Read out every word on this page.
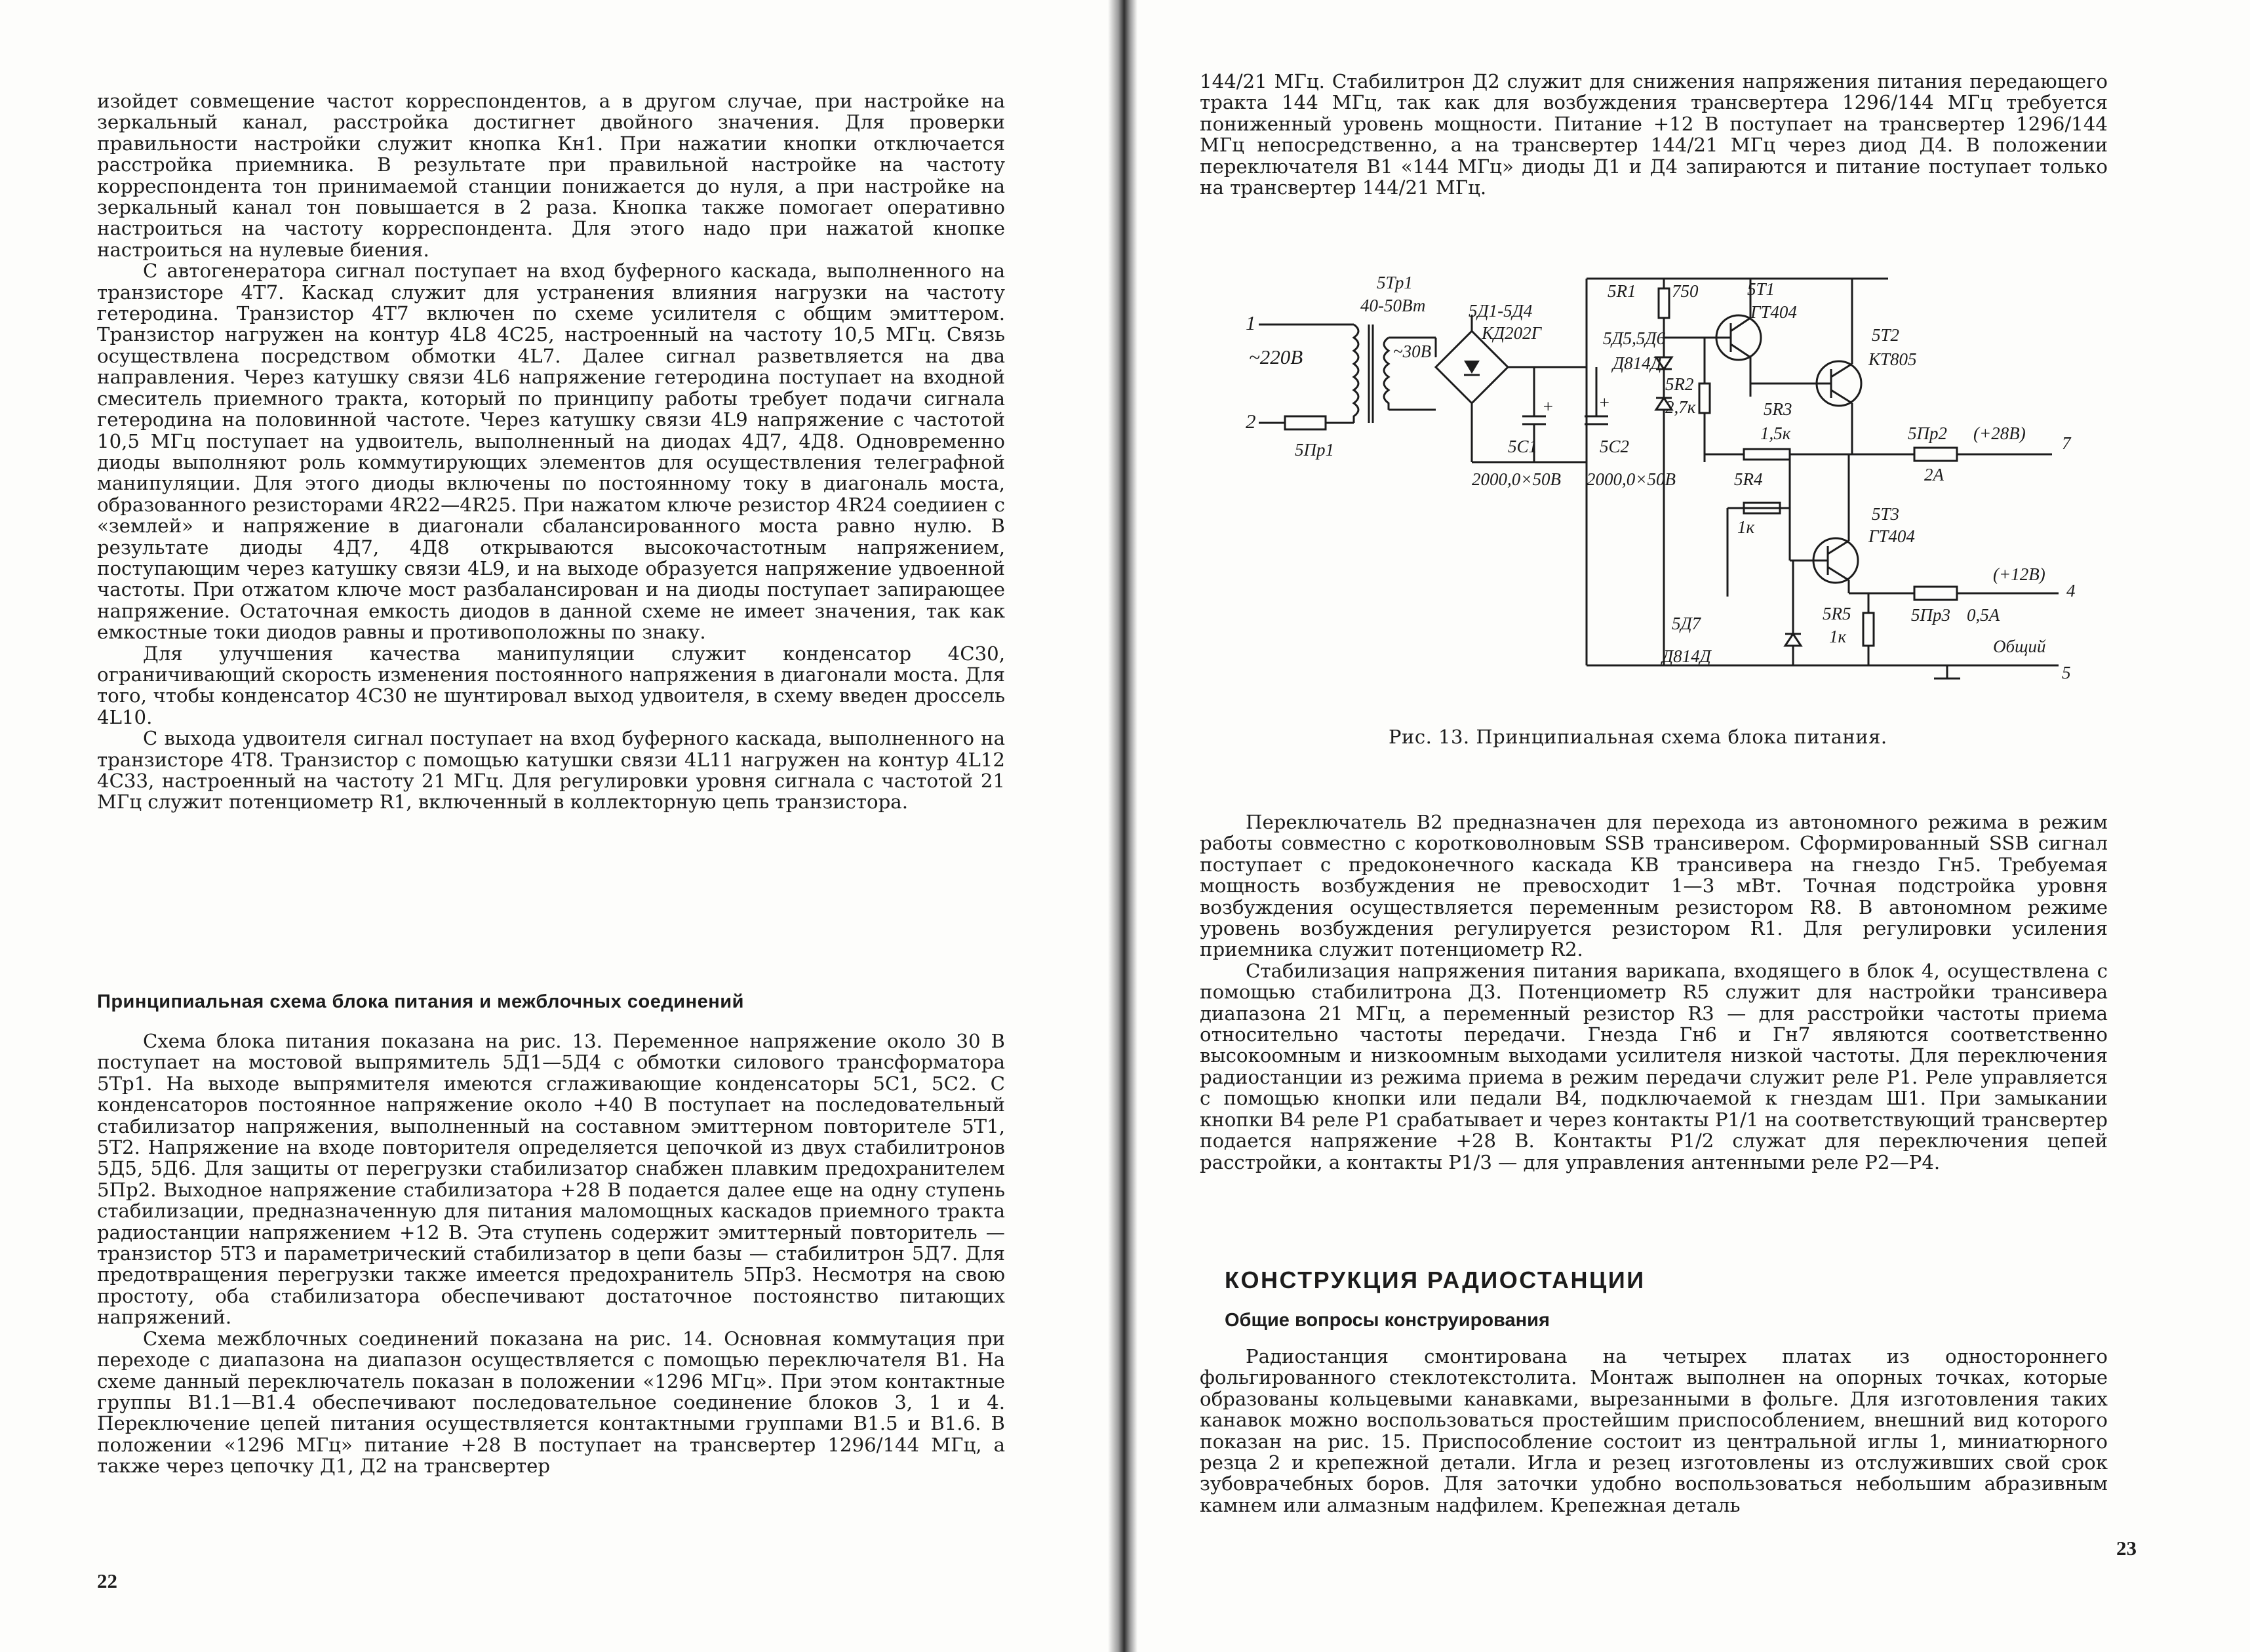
изойдет совмещение частот корреспондентов, а в другом случае, при настройке на зеркальный канал, расстройка достигнет двойного значения. Для проверки правильности настройки служит кнопка Кн1. При нажатии кнопки отключается расстройка приемника. В результате при правильной настройке на частоту корреспондента тон принимаемой станции понижается до нуля, а при настройке на зеркальный канал тон повышается в 2 раза. Кнопка также помогает оперативно настроиться на частоту корреспондента. Для этого надо при нажатой кнопке настроиться на нулевые биения.

С автогенератора сигнал поступает на вход буферного каскада, выполненного на транзисторе 4Т7. Каскад служит для устранения влияния нагрузки на частоту гетеродина. Транзистор 4Т7 включен по схеме усилителя с общим эмиттером. Транзистор нагружен на контур 4L8 4С25, настроенный на частоту 10,5 МГц. Связь осуществлена посредством обмотки 4L7. Далее сигнал разветвляется на два направления. Через катушку связи 4L6 напряжение гетеродина поступает на входной смеситель приемного тракта, который по принципу работы требует подачи сигнала гетеродина на половинной частоте. Через катушку связи 4L9 напряжение с частотой 10,5 МГц поступает на удвоитель, выполненный на диодах 4Д7, 4Д8. Одновременно диоды выполняют роль коммутирующих элементов для осуществления телеграфной манипуляции. Для этого диоды включены по постоянному току в диагональ моста, образованного резисторами 4R22—4R25. При нажатом ключе резистор 4R24 соедииен с «землей» и напряжение в диагонали сбалансированного моста равно нулю. В результате диоды 4Д7, 4Д8 открываются высокочастотным напряжением, поступающим через катушку связи 4L9, и на выходе образуется напряжение удвоенной частоты. При отжатом ключе мост разбалансирован и на диоды поступает запирающее напряжение. Остаточная емкость диодов в данной схеме не имеет значения, так как емкостные токи диодов равны и противоположны по знаку.

Для улучшения качества манипуляции служит конденсатор 4С30, ограничивающий скорость изменения постоянного напряжения в диагонали моста. Для того, чтобы конденсатор 4С30 не шунтировал выход удвоителя, в схему введен дроссель 4L10.

С выхода удвоителя сигнал поступает на вход буферного каскада, выполненного на транзисторе 4Т8. Транзистор с помощью катушки связи 4L11 нагружен на контур 4L12 4С33, настроенный на частоту 21 МГц. Для регулировки уровня сигнала с частотой 21 МГц служит потенциометр R1, включенный в коллекторную цепь транзистора.

Принципиальная схема блока питания и межблочных соединений

Схема блока питания показана на рис. 13. Переменное напряжение около 30 В поступает на мостовой выпрямитель 5Д1—5Д4 с обмотки силового трансформатора 5Тр1. На выходе выпрямителя имеются сглаживающие конденсаторы 5С1, 5С2. С конденсаторов постоянное напряжение около +40 В поступает на последовательный стабилизатор напряжения, выполненный на составном эмиттерном повторителе 5Т1, 5Т2. Напряжение на входе повторителя определяется цепочкой из двух стабилитронов 5Д5, 5Д6. Для защиты от перегрузки стабилизатор снабжен плавким предохранителем 5Пр2. Выходное напряжение стабилизатора +28 В подается далее еще на одну ступень стабилизации, предназначенную для питания маломощных каскадов приемного тракта радиостанции напряжением +12 В. Эта ступень содержит эмиттерный повторитель — транзистор 5Т3 и параметрический стабилизатор в цепи базы — стабилитрон 5Д7. Для предотвращения перегрузки также имеется предохранитель 5Пр3. Несмотря на свою простоту, оба стабилизатора обеспечивают достаточное постоянство питающих напряжений.

Схема межблочных соединений показана на рис. 14. Основная коммутация при переходе с диапазона на диапазон осуществляется с помощью переключателя В1. На схеме данный переключатель показан в положении «1296 МГц». При этом контактные группы В1.1—В1.4 обеспечивают последовательное соединение блоков 3, 1 и 4. Переключение цепей питания осуществляется контактными группами В1.5 и В1.6. В положении «1296 МГц» питание +28 В поступает на трансвертер 1296/144 МГц, а также через цепочку Д1, Д2 на трансвертер

22

144/21 МГц. Стабилитрон Д2 служит для снижения напряжения питания передающего тракта 144 МГц, так как для возбуждения трансвертера 1296/144 МГц требуется пониженный уровень мощности. Питание +12 В поступает на трансвертер 1296/144 МГц непосредственно, а на трансвертер 144/21 МГц через диод Д4. В положении переключателя В1 «144 МГц» диоды Д1 и Д4 запираются и питание поступает только на трансвертер 144/21 МГц.

1
~220В
2
5Пр1
5Тр1
40-50Вт
~30В
5Д1-5Д4
КД202Г
+
5С1
2000,0×50В
+
5С2
2000,0×50В
5R1 750
5Д5,5Д6
Д814Д
5Т1
ГТ404
5R2
2,7к
5Т2
КТ805
5R3
1,5к	5Пр2
2А
(+28В) 7
5R4
1к
5Т3
ГТ404
5Д7
Д814Д
5R5
1к
5Пр3 0,5А
(+12В)
4
Общий
5
Рис. 13. Принципиальная схема блока питания.

Переключатель В2 предназначен для перехода из автономного режима в режим работы совместно с коротковолновым SSB трансивером. Сформированный SSB сигнал поступает с предоконечного каскада КВ трансивера на гнездо Гн5. Требуемая мощность возбуждения не превосходит 1—3 мВт. Точная подстройка уровня возбуждения осуществляется переменным резистором R8. В автономном режиме уровень возбуждения регулируется резистором R1. Для регулировки усиления приемника служит потенциометр R2.

Стабилизация напряжения питания варикапа, входящего в блок 4, осуществлена с помощью стабилитрона Д3. Потенциометр R5 служит для настройки трансивера диапазона 21 МГц, а переменный резистор R3 — для расстройки частоты приема относительно частоты передачи. Гнезда Гн6 и Гн7 являются соответственно высокоомным и низкоомным выходами усилителя низкой частоты. Для переключения радиостанции из режима приема в режим передачи служит реле Р1. Реле управляется с помощью кнопки или педали В4, подключаемой к гнездам Ш1. При замыкании кнопки В4 реле Р1 срабатывает и через контакты Р1/1 на соответствующий трансвертер подается напряжение +28 В. Контакты Р1/2 служат для переключения цепей расстройки, а контакты Р1/3 — для управления антенными реле Р2—Р4.

КОНСТРУКЦИЯ РАДИОСТАНЦИИ
Общие вопросы конструирования

Радиостанция смонтирована на четырех платах из одностороннего фольгированного стеклотекстолита. Монтаж выполнен на опорных точках, которые образованы кольцевыми канавками, вырезанными в фольге. Для изготовления таких канавок можно воспользоваться простейшим приспособлением, внешний вид которого показан на рис. 15. Приспособление состоит из центральной иглы 1, миниатюрного резца 2 и крепежной детали. Игла и резец изготовлены из отслуживших свой срок зубоврачебных боров. Для заточки удобно воспользоваться небольшим абразивным камнем или алмазным надфилем. Крепежная деталь

23
